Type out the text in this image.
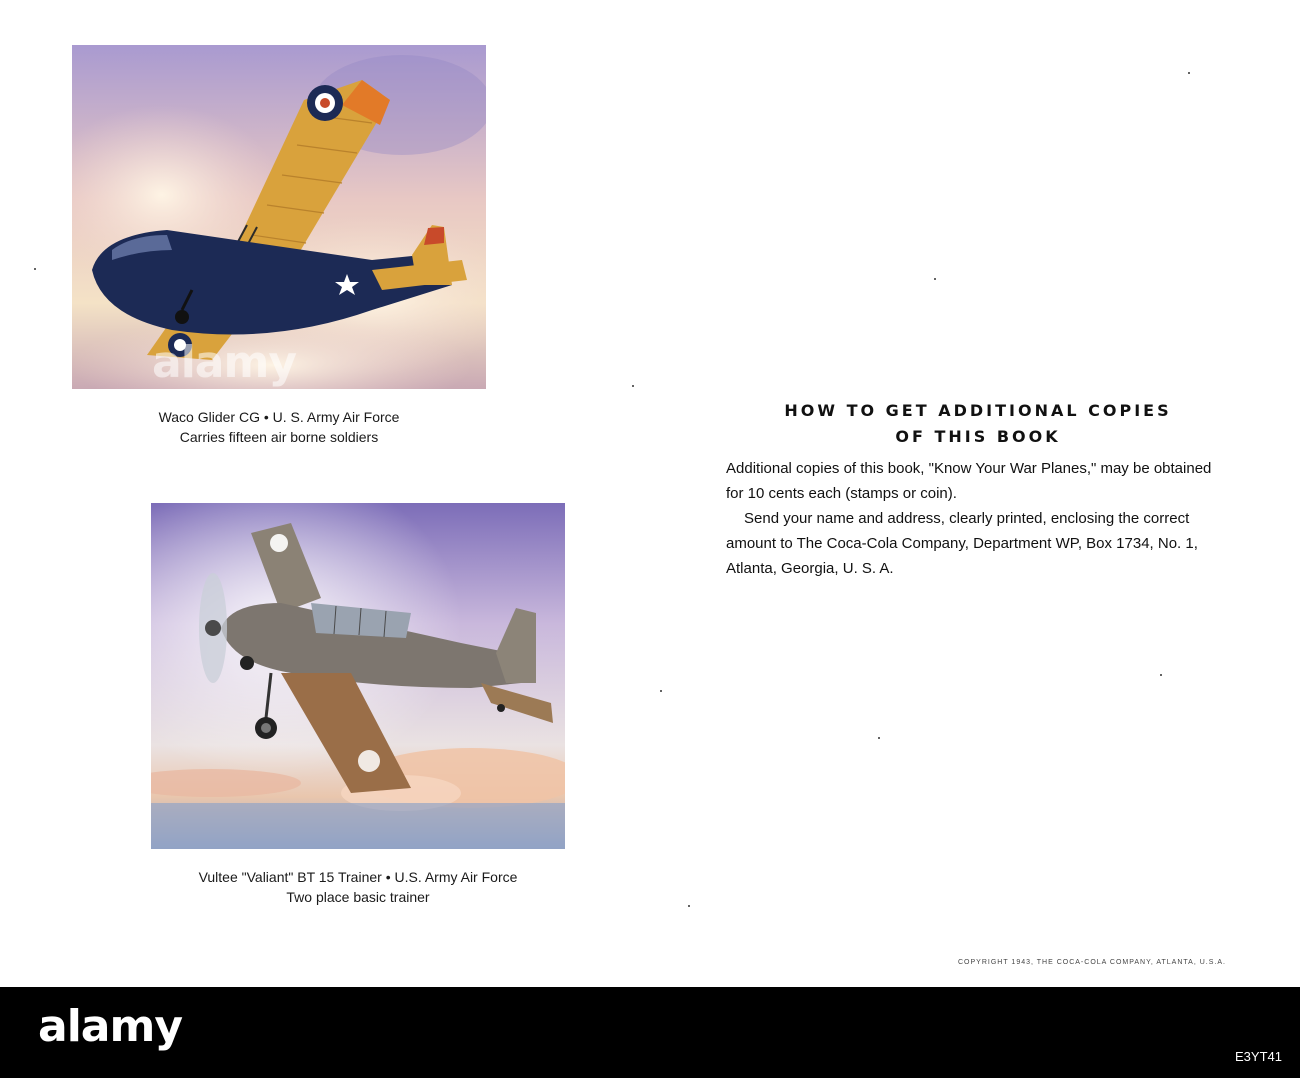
alamy
Waco Glider CG • U. S. Army Air Force
Carries fifteen air borne soldiers
Vultee "Valiant" BT 15 Trainer • U.S. Army Air Force
Two place basic trainer
HOW TO GET ADDITIONAL COPIES
OF THIS BOOK

Additional copies of this book, "Know Your War Planes," may be obtained for 10 cents each (stamps or coin).

Send your name and address, clearly printed, enclosing the correct amount to The Coca-Cola Company, Department WP, Box 1734, No. 1, Atlanta, Georgia, U. S. A.

COPYRIGHT 1943, THE COCA-COLA COMPANY, ATLANTA, U.S.A.
alamy
E3YT41
